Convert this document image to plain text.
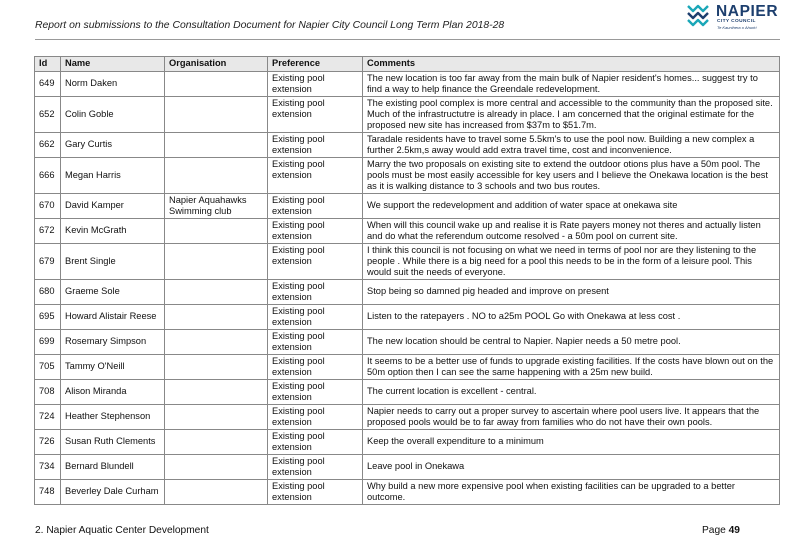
Report on submissions to the Consultation Document for Napier City Council Long Term Plan 2018-28
NAPIER
CITY COUNCIL
Te Kaunihera o Ahuriri
Id	Name	Organisation	Preference	Comments
649	Norm Daken		Existing pool extension	The new location is too far away from the main bulk of Napier resident's homes... suggest try to find a way to help finance the Greendale redevelopment.
652	Colin Goble		Existing pool extension	The existing pool complex is more central and accessible to the community than the proposed site. Much of the infrastructutre is already in place. I am concerned that the original estimate for the proposed new site has increased from $37m to $51.7m.
662	Gary Curtis		Existing pool extension	Taradale residents have to travel some 5.5km's to use the pool now. Building a new complex a further 2.5km,s away would add extra travel time, cost and inconvenience.
666	Megan Harris		Existing pool extension	Marry the two proposals on existing site to extend the outdoor otions plus have a 50m pool. The pools must be most easily accessible for key users and I believe the Onekawa location is the best as it is walking distance to 3 schools and two bus routes.
670	David Kamper	Napier Aquahawks Swimming club	Existing pool extension	We support the redevelopment and addition of water space at onekawa site
672	Kevin McGrath		Existing pool extension	When will this council wake up and realise it is Rate payers money not theres and actually listen and do what the referendum outcome resolved - a 50m pool on current site.
679	Brent Single		Existing pool extension	I think this council is not focusing on what we need in terms of pool nor are they listening to the people . While there is a big need for a pool this needs to be in the form of a leisure pool. This would suit the needs of everyone.
680	Graeme Sole		Existing pool extension	Stop being so damned pig headed and improve on present
695	Howard Alistair Reese		Existing pool extension	Listen to the ratepayers . NO to a25m POOL Go with Onekawa at less cost .
699	Rosemary Simpson		Existing pool extension	The new location should be central to Napier. Napier needs a 50 metre pool.
705	Tammy O'Neill		Existing pool extension	It seems to be a better use of funds to upgrade existing facilities. If the costs have blown out on the 50m option then I can see the same happening with a 25m new build.
708	Alison Miranda		Existing pool extension	The current location is excellent - central.
724	Heather Stephenson		Existing pool extension	Napier needs to carry out a proper survey to ascertain where pool users live. It appears that the proposed pools would be to far away from families who do not have their own pools.
726	Susan Ruth Clements		Existing pool extension	Keep the overall expenditure to a minimum
734	Bernard Blundell		Existing pool extension	Leave pool in Onekawa
748	Beverley Dale Curham		Existing pool extension	Why build a new more expensive pool when existing facilities can be upgraded to a better outcome.
2. Napier Aquatic Center Development	Page 49
